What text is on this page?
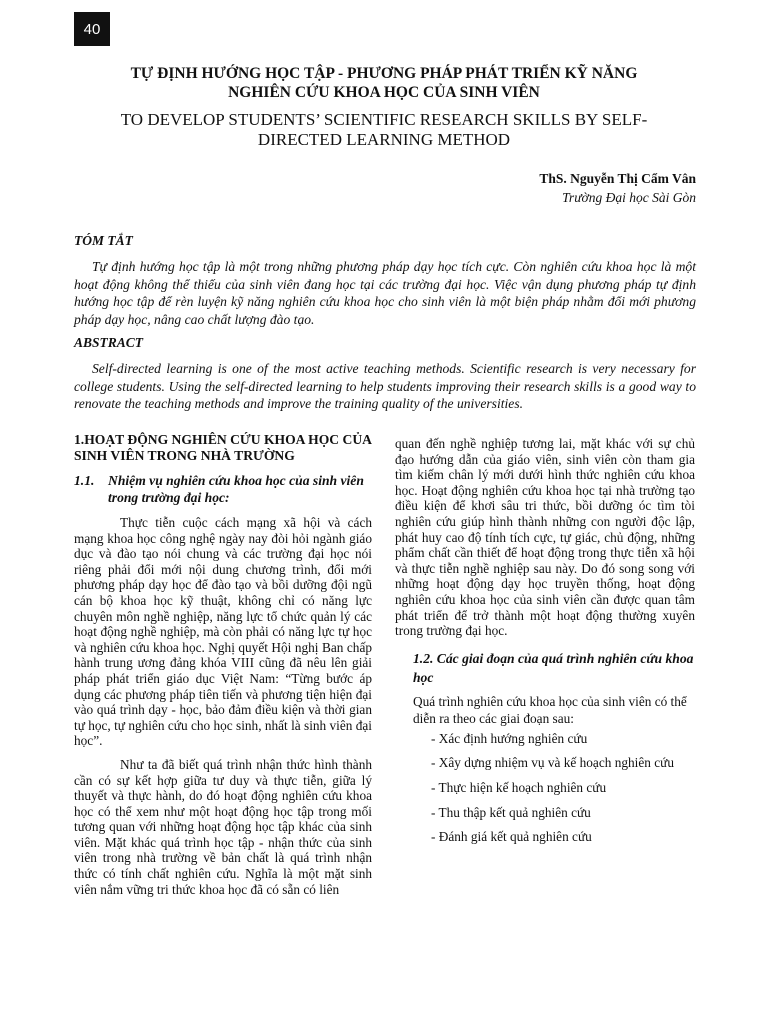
40
TỰ ĐỊNH HƯỚNG HỌC TẬP - PHƯƠNG PHÁP PHÁT TRIỂN KỸ NĂNG
NGHIÊN CỨU KHOA HỌC CỦA SINH VIÊN
TO DEVELOP STUDENTS’ SCIENTIFIC RESEARCH SKILLS BY SELF-
DIRECTED LEARNING METHOD
ThS. Nguyễn Thị Cẩm Vân
Trường Đại học Sài Gòn
TÓM TẮT
Tự định hướng học tập là một trong những phương pháp dạy học tích cực. Còn nghiên cứu khoa học là một hoạt động không thể thiếu của sinh viên đang học tại các trường đại học. Việc vận dụng phương pháp tự định hướng học tập để rèn luyện kỹ năng nghiên cứu khoa học cho sinh viên là một biện pháp nhằm đổi mới phương pháp dạy học, nâng cao chất lượng đào tạo.
ABSTRACT
Self-directed learning is one of the most active teaching methods. Scientific research is very necessary for college students. Using the self-directed learning to help students improving their research skills is a good way to renovate the teaching methods and improve the training quality of the universities.
1.HOẠT ĐỘNG NGHIÊN CỨU KHOA HỌC CỦA SINH VIÊN TRONG NHÀ TRƯỜNG
1.1.	Nhiệm vụ nghiên cứu khoa học của sinh viên trong trường đại học:
Thực tiễn cuộc cách mạng xã hội và cách mạng khoa học công nghệ ngày nay đòi hỏi ngành giáo dục và đào tạo nói chung và các trường đại học nói riêng phải đổi mới nội dung chương trình, đổi mới phương pháp dạy học để đào tạo và bồi dưỡng đội ngũ cán bộ khoa học kỹ thuật, không chỉ có năng lực chuyên môn nghề nghiệp, năng lực tổ chức quản lý các hoạt động nghề nghiệp, mà còn phải có năng lực tự học và nghiên cứu khoa học. Nghị quyết Hội nghị Ban chấp hành trung ương đảng khóa VIII cũng đã nêu lên giải pháp phát triển giáo dục Việt Nam: “Từng bước áp dụng các phương pháp tiên tiến và phương tiện hiện đại vào quá trình dạy - học, bảo đảm điều kiện và thời gian tự học, tự nghiên cứu cho học sinh, nhất là sinh viên đại học”.
Như ta đã biết quá trình nhận thức hình thành cần có sự kết hợp giữa tư duy và thực tiễn, giữa lý thuyết và thực hành, do đó hoạt động nghiên cứu khoa học có thể xem như một hoạt động học tập trong mối tương quan với những hoạt động học tập khác của sinh viên. Mặt khác quá trình học tập - nhận thức của sinh viên trong nhà trường về bản chất là quá trình nhận thức có tính chất nghiên cứu. Nghĩa là một mặt sinh viên nắm vững tri thức khoa học đã có sẵn có liên
quan đến nghề nghiệp tương lai, mặt khác với sự chủ đạo hướng dẫn của giáo viên, sinh viên còn tham gia tìm kiếm chân lý mới dưới hình thức nghiên cứu khoa học. Hoạt động nghiên cứu khoa học tại nhà trường tạo điều kiện để khơi sâu tri thức, bồi dưỡng óc tìm tòi nghiên cứu giúp hình thành những con người độc lập, phát huy cao độ tính tích cực, tự giác, chủ động, những phẩm chất cần thiết để hoạt động trong thực tiễn xã hội và thực tiễn nghề nghiệp sau này. Do đó song song với những hoạt động dạy học truyền thống, hoạt động nghiên cứu khoa học của sinh viên cần được quan tâm phát triển để trở thành một hoạt động thường xuyên trong trường đại học.
1.2. Các giai đoạn của quá trình nghiên cứu khoa học
Quá trình nghiên cứu khoa học của sinh viên có thể diễn ra theo các giai đoạn sau:
- Xác định hướng nghiên cứu
- Xây dựng nhiệm vụ và kế hoạch nghiên cứu
- Thực hiện kế hoạch nghiên cứu
- Thu thập kết quả nghiên cứu
- Đánh giá kết quả nghiên cứu
